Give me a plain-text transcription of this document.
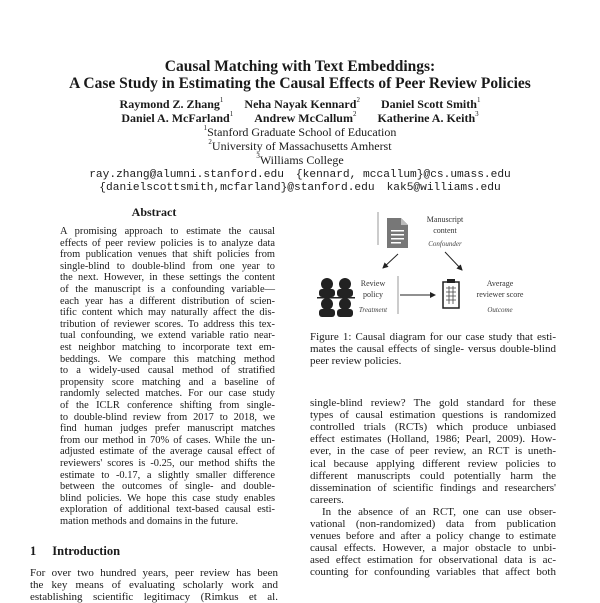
Causal Matching with Text Embeddings:
A Case Study in Estimating the Causal Effects of Peer Review Policies
Raymond Z. Zhang$^1$ Neha Nayak Kennard$^2$ Daniel Scott Smith$^1$
Daniel A. McFarland$^1$ Andrew McCallum$^2$ Katherine A. Keith$^3$
$^1$Stanford Graduate School of Education
$^2$University of Massachusetts Amherst
$^3$Williams College
ray.zhang@alumni.stanford.edu {kennard, mccallum}@cs.umass.edu
{danielscottsmith,mcfarland}@stanford.edu kak5@williams.edu
Abstract
A promising approach to estimate the causal
effects of peer review policies is to analyze data
from publication venues that shift policies from
single-blind to double-blind from one year to
the next. However, in these settings the content
of the manuscript is a confounding variable—
each year has a different distribution of scien-
tific content which may naturally affect the dis-
tribution of reviewer scores. To address this tex-
tual confounding, we extend variable ratio near-
est neighbor matching to incorporate text em-
beddings. We compare this matching method
to a widely-used causal method of stratified
propensity score matching and a baseline of
randomly selected matches. For our case study
of the ICLR conference shifting from single-
to double-blind review from 2017 to 2018, we
find human judges prefer manuscript matches
from our method in 70% of cases. While the un-
adjusted estimate of the average causal effect of
reviewers' scores is -0.25, our method shifts the
estimate to -0.17, a slightly smaller difference
between the outcomes of single- and double-
blind policies. We hope this case study enables
exploration of additional text-based causal esti-
mation methods and domains in the future.
1 Introduction
For over two hundred years, peer review has been
the key means of evaluating scholarly work and
establishing scientific legitimacy (Rimkus et al.
Manuscript
content
Confounder
Review
policy
Treatment
Average
reviewer score
Outcome
Figure 1: Causal diagram for our case study that esti-
mates the causal effects of single- versus double-blind
peer review policies.
single-blind review? The gold standard for these
types of causal estimation questions is randomized
controlled trials (RCTs) which produce unbiased
effect estimates (Holland, 1986; Pearl, 2009). How-
ever, in the case of peer review, an RCT is uneth-
ical because applying different review policies to
different manuscripts could potentially harm the
dissemination of scientific findings and researchers'
careers.
In the absence of an RCT, one can use obser-
vational (non-randomized) data from publication
venues before and after a policy change to estimate
causal effects. However, a major obstacle to unbi-
ased effect estimation for observational data is ac-
counting for confounding variables that affect both
